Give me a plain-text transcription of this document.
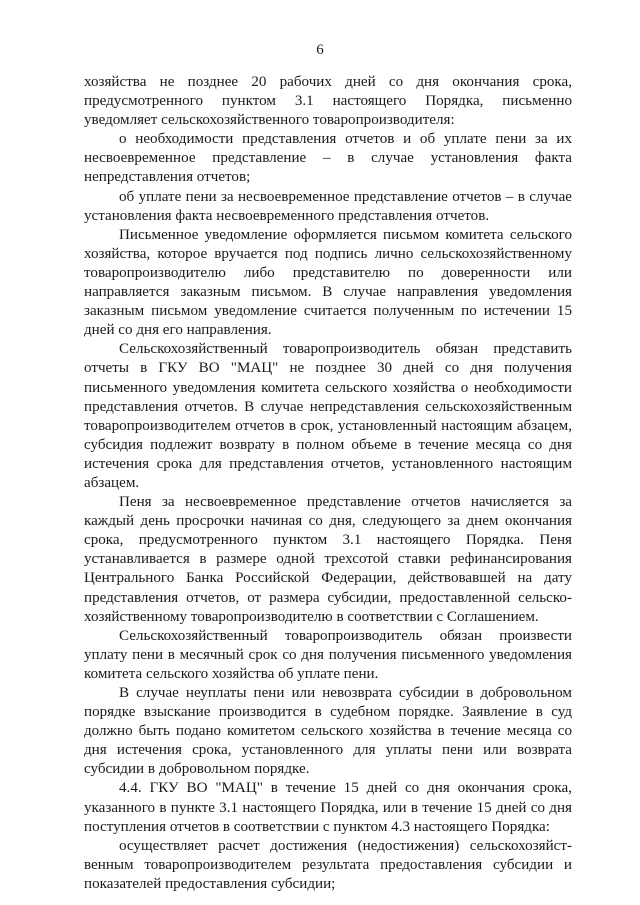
6

хозяйства не позднее 20 рабочих дней со дня окончания срока, предусмотренного пунктом 3.1 настоящего Порядка, письменно уведомляет сельскохозяйственного товаропроизводителя:

о необходимости представления отчетов и об уплате пени за их несвоевременное представление – в случае установления факта непредставления отчетов;

об уплате пени за несвоевременное представление отчетов – в случае установления факта несвоевременного представления отчетов.

Письменное уведомление оформляется письмом комитета сельского хозяйства, которое вручается под подпись лично сельскохозяйственному товаропроизводителю либо представителю по доверенности или направляется заказным письмом. В случае направления уведомления заказным письмом уведомление считается полученным по истечении 15 дней со дня его направления.

Сельскохозяйственный товаропроизводитель обязан представить отчеты в ГКУ ВО "МАЦ" не позднее 30 дней со дня получения письменного уведомления комитета сельского хозяйства о необходимости представления отчетов. В случае непредставления сельскохозяйственным товаропроизводителем отчетов в срок, установленный настоящим абзацем, субсидия подлежит возврату в полном объеме в течение месяца со дня истечения срока для представления отчетов, установленного настоящим абзацем.

Пеня за несвоевременное представление отчетов начисляется за каждый день просрочки начиная со дня, следующего за днем окончания срока, предусмотренного пунктом 3.1 настоящего Порядка. Пеня устанавливается в размере одной трехсотой ставки рефинансирования Центрального Банка Российской Федерации, действовавшей на дату представления отчетов, от размера субсидии, предоставленной сельско-хозяйственному товаропроизводителю в соответствии с Соглашением.

Сельскохозяйственный товаропроизводитель обязан произвести уплату пени в месячный срок со дня получения письменного уведомления комитета сельского хозяйства об уплате пени.

В случае неуплаты пени или невозврата субсидии в добровольном порядке взыскание производится в судебном порядке. Заявление в суд должно быть подано комитетом сельского хозяйства в течение месяца со дня истечения срока, установленного для уплаты пени или возврата субсидии в добровольном порядке.

4.4. ГКУ ВО "МАЦ" в течение 15 дней со дня окончания срока, указанного в пункте 3.1 настоящего Порядка, или в течение 15 дней со дня поступления отчетов в соответствии с пунктом 4.3 настоящего Порядка:

осуществляет расчет достижения (недостижения) сельскохозяйст-венным товаропроизводителем результата предоставления субсидии и показателей предоставления субсидии;
